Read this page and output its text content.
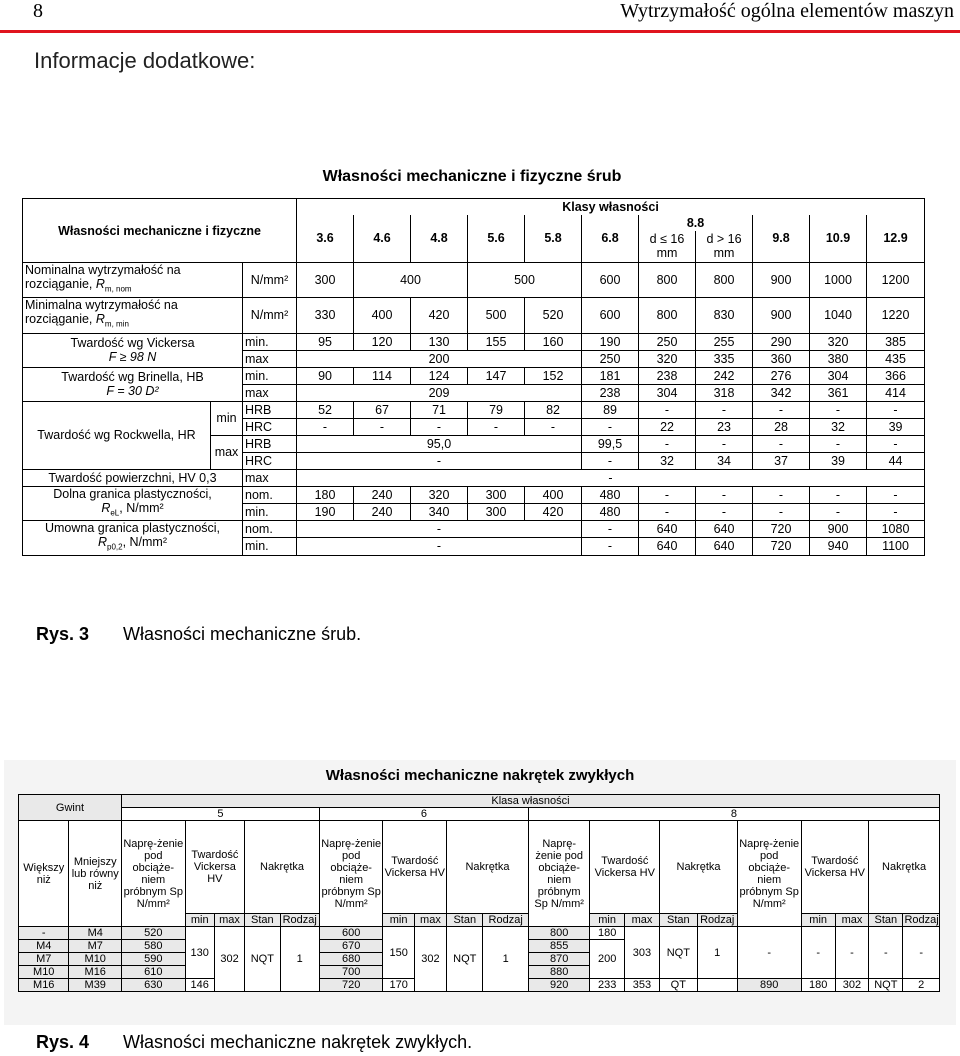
8	Wytrzymałość ogólna elementów maszyn
Informacje dodatkowe:
Własności mechaniczne i fizyczne śrub
Własności mechaniczne i fizyczne			Klasy własności										
			3.6	4.6	4.8	5.6	5.8	6.8	8.8		9.8	10.9	12.9
									d ≤ 16 mm	d > 16 mm			
Nominalna wytrzymałość na
rozciąganie, $R_{m, nom}$		N/mm²	300	400		500		600	800	800	900	1000	1200
Minimalna wytrzymałość na
rozciąganie, $R_{m, min}$		N/mm²	330	400	420	500	520	600	800	830	900	1040	1220
Twardość wg Vickersa
F ≥ 98 N		min.	95	120	130	155	160	190	250	255	290	320	385
		max	200					250	320	335	360	380	435
Twardość wg Brinella, HB
F = 30 D²		min.	90	114	124	147	152	181	238	242	276	304	366
		max	209					238	304	318	342	361	414
Twardość wg Rockwella, HR	min	HRB	52	67	71	79	82	89	-	-	-	-	-
		HRC	-	-	-	-	-	-	22	23	28	32	39
	max	HRB	95,0					99,5	-	-	-	-	-
		HRC	-					-	32	34	37	39	44
Twardość powierzchni, HV 0,3		max	-										
Dolna granica plastyczności,
$R_{eL}$, N/mm²		nom.	180	240	320	300	400	480	-	-	-	-	-
		min.	190	240	340	300	420	480	-	-	-	-	-
Umowna granica plastyczności,
$R_{p0,2}$, N/mm²		nom.	-					-	640	640	720	900	1080
		min.	-					-	640	640	720	940	1100
Rys. 3 Własności mechaniczne śrub.
Własności mechaniczne nakrętek zwykłych
Gwint		Klasa własności																			
		5					6					8									
Większy niż	Mniejszy lub równy niż	Naprę-żenie pod obciąże-niem próbnym Sp N/mm²	Twardość Vickersa HV		Nakrętka		Naprę-żenie pod obciąże-niem próbnym Sp N/mm²	Twardość Vickersa HV		Nakrętka		Naprę-żenie pod obciąże-niem próbnym Sp N/mm²	Twardość Vickersa HV		Nakrętka		Naprę-żenie pod obciąże-niem próbnym Sp N/mm²	Twardość Vickersa HV		Nakrętka	
			min	max	Stan	Rodzaj		min	max	Stan	Rodzaj		min	max	Stan	Rodzaj		min	max	Stan	Rodzaj
-	M4	520	130	302	NQT	1	600	150	302	NQT	1	800	180	303	NQT	1	-	-	-	-	-
M4	M7	580					670					855	200								
M7	M10	590					680					870									
M10	M16	610					700					880									
M16	M39	630	146				720	170				920	233	353	QT		890	180	302	NQT	2
Rys. 4 Własności mechaniczne nakrętek zwykłych.
